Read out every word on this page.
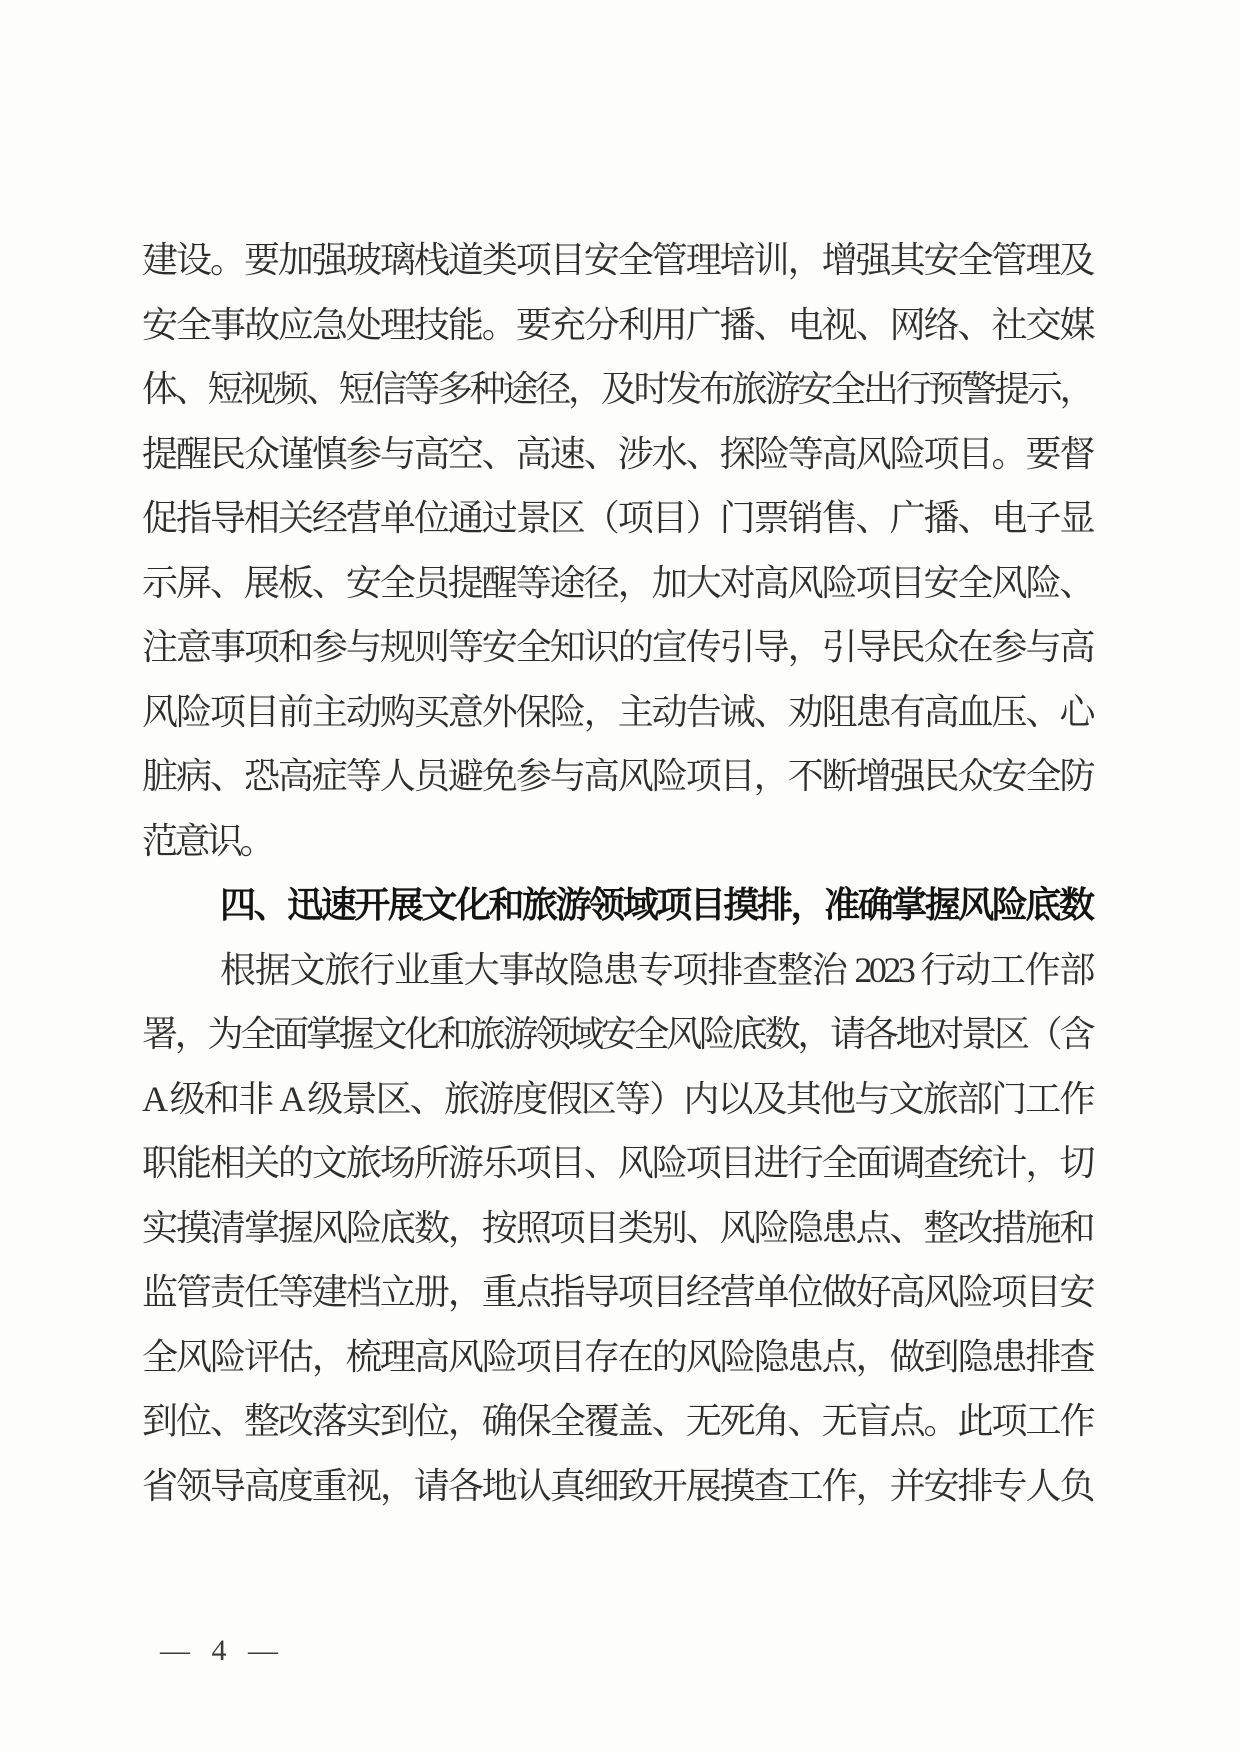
建设。要加强玻璃栈道类项目安全管理培训，增强其安全管理及
安全事故应急处理技能。要充分利用广播、电视、网络、社交媒
体、短视频、短信等多种途径，及时发布旅游安全出行预警提示，
提醒民众谨慎参与高空、高速、涉水、探险等高风险项目。要督
促指导相关经营单位通过景区（项目）门票销售、广播、电子显
示屏、展板、安全员提醒等途径，加大对高风险项目安全风险、
注意事项和参与规则等安全知识的宣传引导，引导民众在参与高
风险项目前主动购买意外保险，主动告诫、劝阻患有高血压、心
脏病、恐高症等人员避免参与高风险项目，不断增强民众安全防
范意识。
四、迅速开展文化和旅游领域项目摸排，准确掌握风险底数
根据文旅行业重大事故隐患专项排查整治 2023 行动工作部
署，为全面掌握文化和旅游领域安全风险底数，请各地对景区（含
A 级和非 A 级景区、旅游度假区等）内以及其他与文旅部门工作
职能相关的文旅场所游乐项目、风险项目进行全面调查统计，切
实摸清掌握风险底数，按照项目类别、风险隐患点、整改措施和
监管责任等建档立册，重点指导项目经营单位做好高风险项目安
全风险评估，梳理高风险项目存在的风险隐患点，做到隐患排查
到位、整改落实到位，确保全覆盖、无死角、无盲点。此项工作
省领导高度重视，请各地认真细致开展摸查工作，并安排专人负
— 4 —
